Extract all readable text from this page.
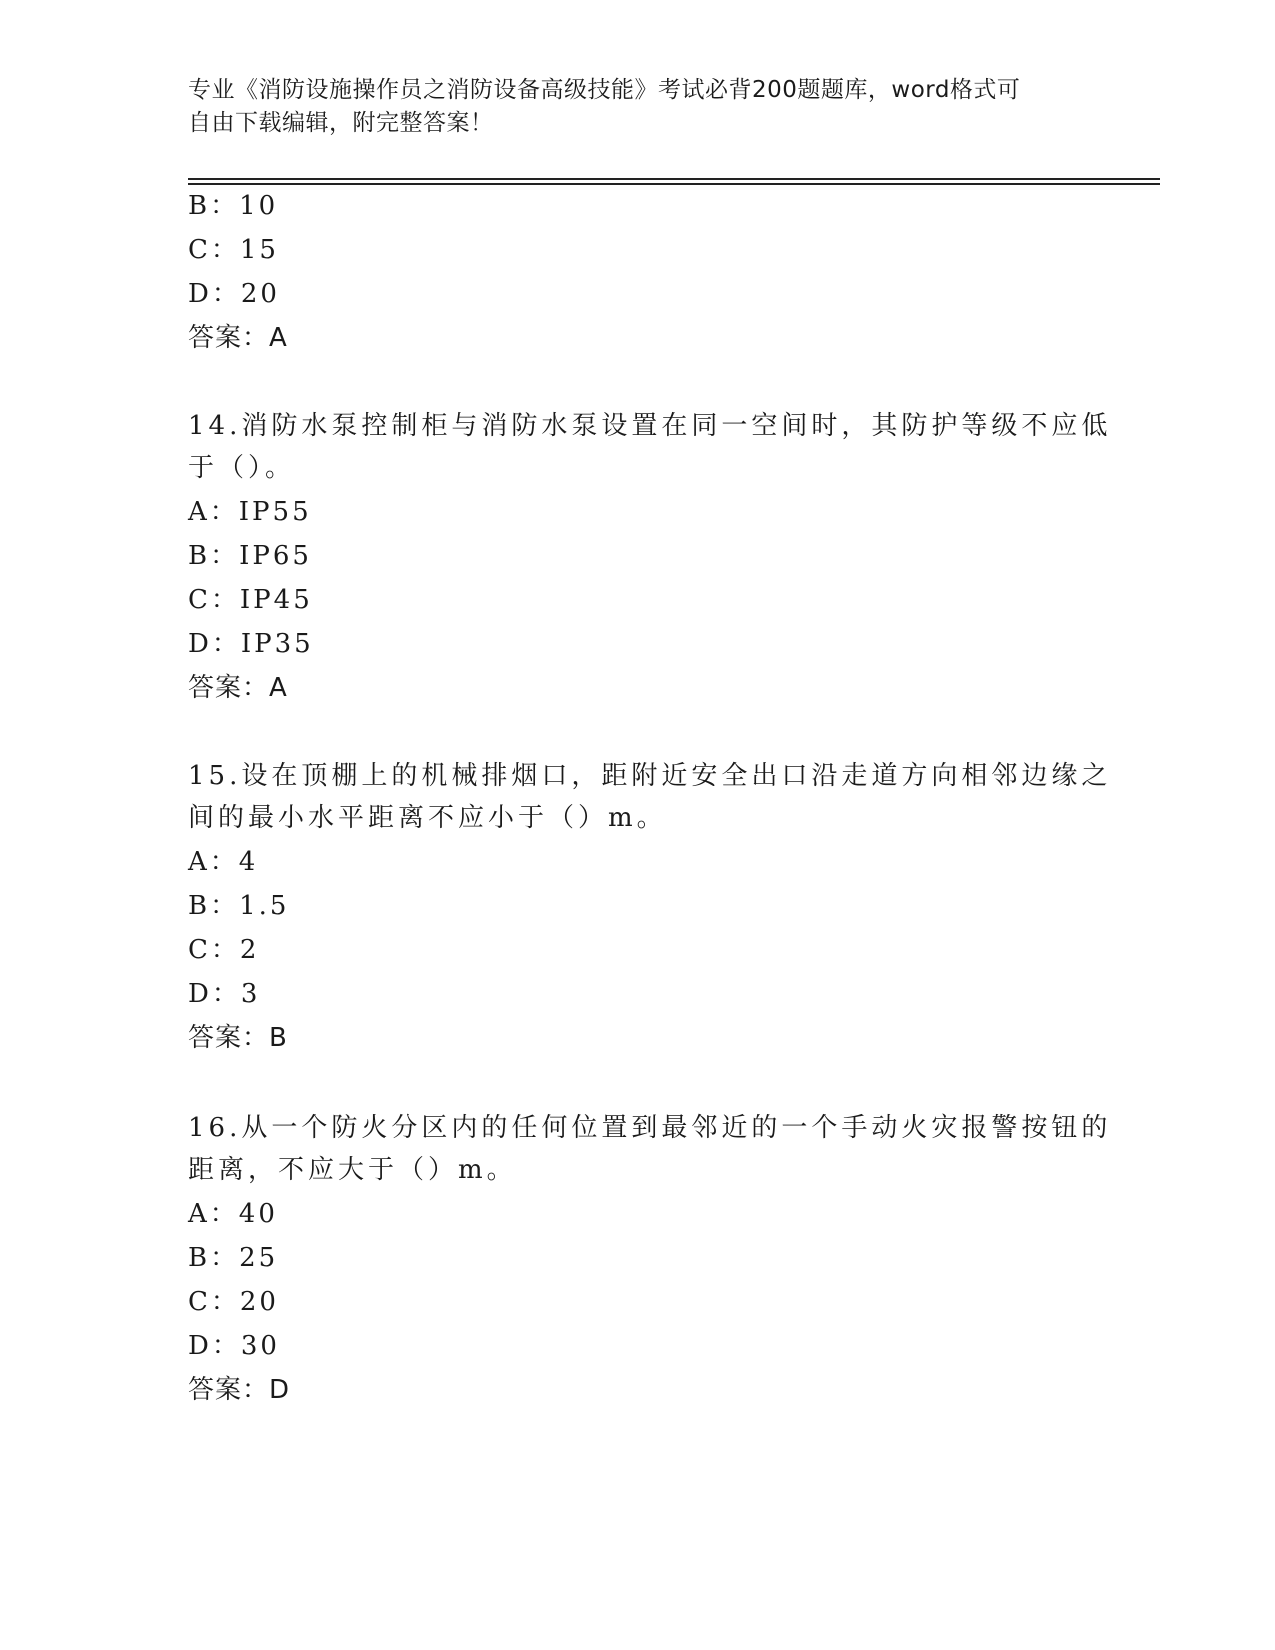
专业《消防设施操作员之消防设备高级技能》考试必背200题题库，word格式可
自由下载编辑，附完整答案！
B：10
C：15
D：20
答案：A
14.消防水泵控制柜与消防水泵设置在同一空间时，其防护等级不应低
于（）。
A：IP55
B：IP65
C：IP45
D：IP35
答案：A
15.设在顶棚上的机械排烟口，距附近安全出口沿走道方向相邻边缘之
间的最小水平距离不应小于（）m。
A：4
B：1.5
C：2
D：3
答案：B
16.从一个防火分区内的任何位置到最邻近的一个手动火灾报警按钮的
距离，不应大于（）m。
A：40
B：25
C：20
D：30
答案：D
